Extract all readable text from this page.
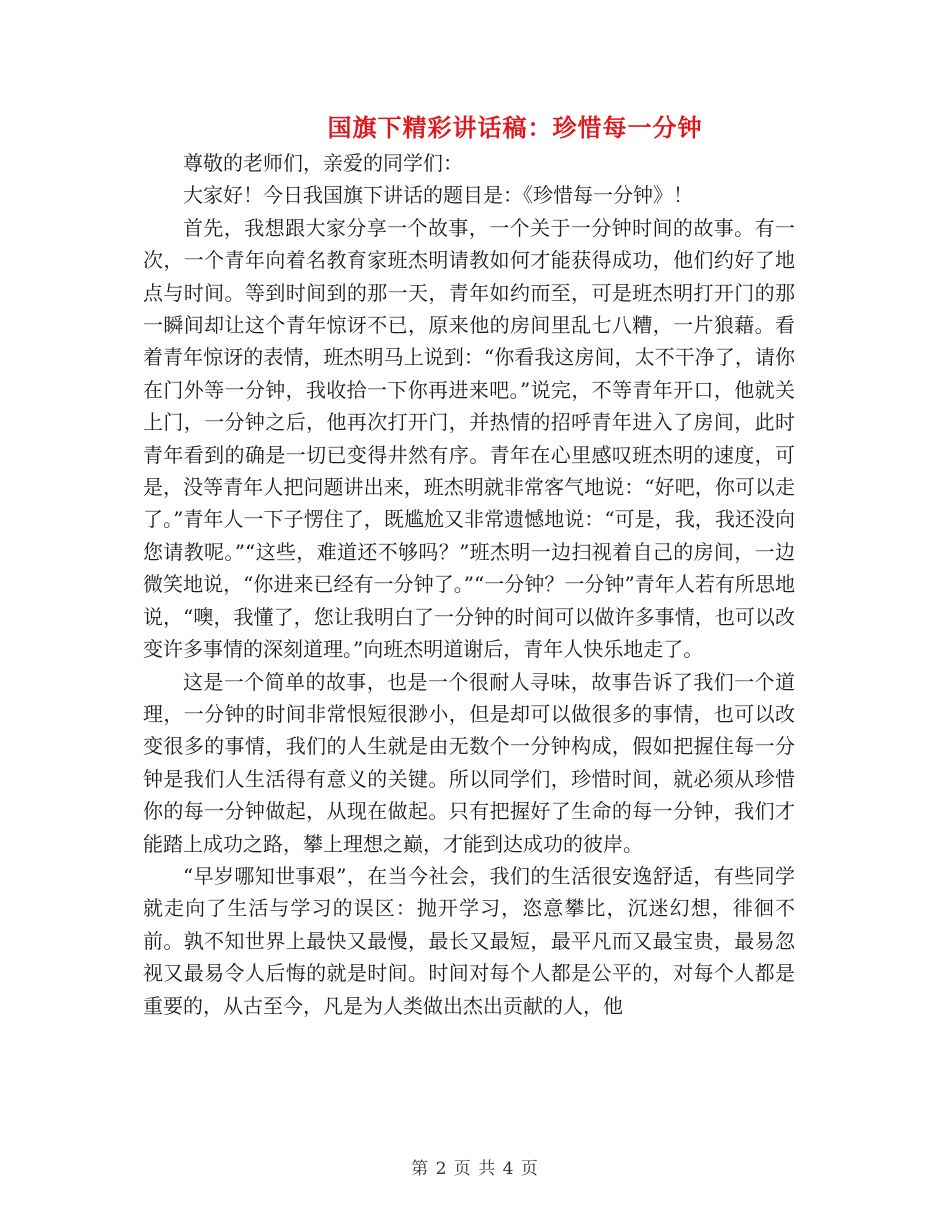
国旗下精彩讲话稿：珍惜每一分钟

尊敬的老师们，亲爱的同学们：

大家好！今日我国旗下讲话的题目是：《珍惜每一分钟》！

首先，我想跟大家分享一个故事，一个关于一分钟时间的故事。有一次，一个青年向着名教育家班杰明请教如何才能获得成功，他们约好了地点与时间。等到时间到的那一天，青年如约而至，可是班杰明打开门的那一瞬间却让这个青年惊讶不已，原来他的房间里乱七八糟，一片狼藉。看着青年惊讶的表情，班杰明马上说到：“你看我这房间，太不干净了，请你在门外等一分钟，我收拾一下你再进来吧。”说完，不等青年开口，他就关上门，一分钟之后，他再次打开门，并热情的招呼青年进入了房间，此时青年看到的确是一切已变得井然有序。青年在心里感叹班杰明的速度，可是，没等青年人把问题讲出来，班杰明就非常客气地说：“好吧，你可以走了。”青年人一下子愣住了，既尴尬又非常遗憾地说：“可是，我，我还没向您请教呢。”“这些，难道还不够吗？”班杰明一边扫视着自己的房间，一边微笑地说，“你进来已经有一分钟了。”“一分钟？一分钟”青年人若有所思地说，“噢，我懂了，您让我明白了一分钟的时间可以做许多事情，也可以改变许多事情的深刻道理。”向班杰明道谢后，青年人快乐地走了。

这是一个简单的故事，也是一个很耐人寻味，故事告诉了我们一个道理，一分钟的时间非常恨短很渺小，但是却可以做很多的事情，也可以改变很多的事情，我们的人生就是由无数个一分钟构成，假如把握住每一分钟是我们人生活得有意义的关键。所以同学们，珍惜时间，就必须从珍惜你的每一分钟做起，从现在做起。只有把握好了生命的每一分钟，我们才能踏上成功之路，攀上理想之巅，才能到达成功的彼岸。

“早岁哪知世事艰”，在当今社会，我们的生活很安逸舒适，有些同学就走向了生活与学习的误区：抛开学习，恣意攀比，沉迷幻想，徘徊不前。孰不知世界上最快又最慢，最长又最短，最平凡而又最宝贵，最易忽视又最易令人后悔的就是时间。时间对每个人都是公平的，对每个人都是重要的，从古至今，凡是为人类做出杰出贡献的人，他

第 2 页 共 4 页
